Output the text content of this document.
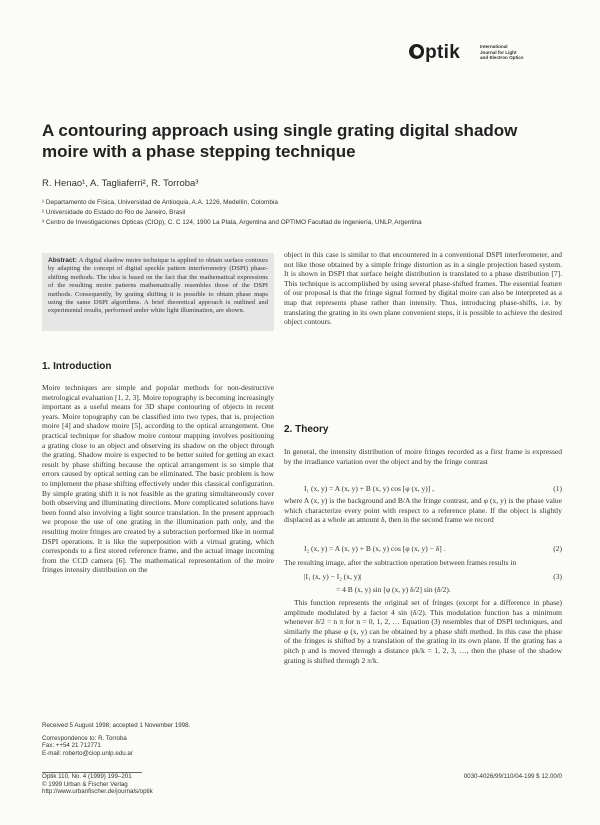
Optik	International
Journal for Light
and Electron Optics
A contouring approach using single grating digital shadow
moire with a phase stepping technique
R. Henao¹, A. Tagliaferri², R. Torroba³
¹ Departamento de Física, Universidad de Antioquia, A.A. 1226, Medellín, Colombia
² Universidade do Estado do Rio de Janeiro, Brasil
³ Centro de Investigaciones Opticas (CIOp), C. C 124, 1900 La Plata, Argentina and OPTIMO Facultad de Ingeniería, UNLP, Argentina
Abstract: A digital shadow moire technique is applied to obtain surface contours by adapting the concept of digital speckle pattern interferometry (DSPI) phase-shifting methods. The idea is based on the fact that the mathematical expressions of the resulting moire patterns mathematically resembles those of the DSPI methods. Consequently, by grating shifting it is possible to obtain phase maps using the same DSPI algorithms. A brief theoretical approach is outlined and experimental results, performed under white light illumination, are shown.
1. Introduction
Moire techniques are simple and popular methods for non-destructive metrological evaluation [1, 2, 3]. Moire topography is becoming increasingly important as a useful means for 3D shape contouring of objects in recent years. Moire topography can be classified into two types, that is, projection moire [4] and shadow moire [5], according to the optical arrangement. One practical technique for shadow moire contour mapping involves positioning a grating close to an object and observing its shadow on the object through the grating. Shadow moire is expected to be better suited for getting an exact result by phase shifting because the optical arrangement is so simple that errors caused by optical setting can be eliminated. The basic problem is how to implement the phase shifting effectively under this classical configuration. By simple grating shift it is not feasible as the grating simultaneously cover both observing and illuminating directions. More complicated solutions have been found also involving a light source translation. In the present approach we propose the use of one grating in the illumination path only, and the resulting moire fringes are created by a subtraction performed like in normal DSPI operations. It is like the superposition with a virtual grating, which corresponds to a first stored reference frame, and the actual image incoming from the CCD camera [6]. The mathematical representation of the moire fringes intensity distribution on the
object in this case is similar to that encountered in a conventional DSPI interferometer, and not like those obtained by a simple fringe distortion as in a single projection based system. It is shown in DSPI that surface height distribution is translated to a phase distribution [7]. This technique is accomplished by using several phase-shifted frames. The essential feature of our proposal is that the fringe signal formed by digital moire can also be interpreted as a map that represents phase rather than intensity. Thus, introducing phase-shifts, i.e. by translating the grating in its own plane convenient steps, it is possible to achieve the desired object contours.
2. Theory
In general, the intensity distribution of moire fringes recorded as a first frame is expressed by the irradiance variation over the object and by the fringe contrast
I₁ (x, y) = A (x, y) + B (x, y) cos [φ (x, y)] ,	(1)
where A (x, y) is the background and B/A the fringe contrast, and φ (x, y) is the phase value which characterize every point with respect to a reference plane. If the object is slightly displaced as a whole an amount δ, then in the second frame we record
I₂ (x, y) = A (x, y) + B (x, y) cos [φ (x, y) − δ] .	(2)
The resulting image, after the subtraction operation between frames results in
|I₁ (x, y) − I₂ (x, y)|	(3)
= 4 B (x, y) sin [φ (x, y) δ/2] sin (δ/2).
This function represents the original set of fringes (except for a difference in phase) amplitude modulated by a factor 4 sin (δ/2). This modulation function has a minimum whenever δ/2 = n π for n = 0, 1, 2, … Equation (3) resembles that of DSPI techniques, and similarly the phase φ (x, y) can be obtained by a phase shift method. In this case the phase of the fringes is shifted by a translation of the grating in its own plane. If the grating has a pitch p and is moved through a distance pk/k = 1, 2, 3, …, then the phase of the shadow grating is shifted through 2 π/k.
Received 5 August 1998; accepted 1 November 1998.
Correspondence to: R. Torroba
Fax: ++54 21 712771
E-mail: roberto@ciop.unlp.edu.ar
Optik 110, No. 4 (1999) 199–201
© 1999 Urban & Fischer Verlag
http://www.urbanfischer.de/journals/optik
0030-4026/99/110/04-199 $ 12.00/0
